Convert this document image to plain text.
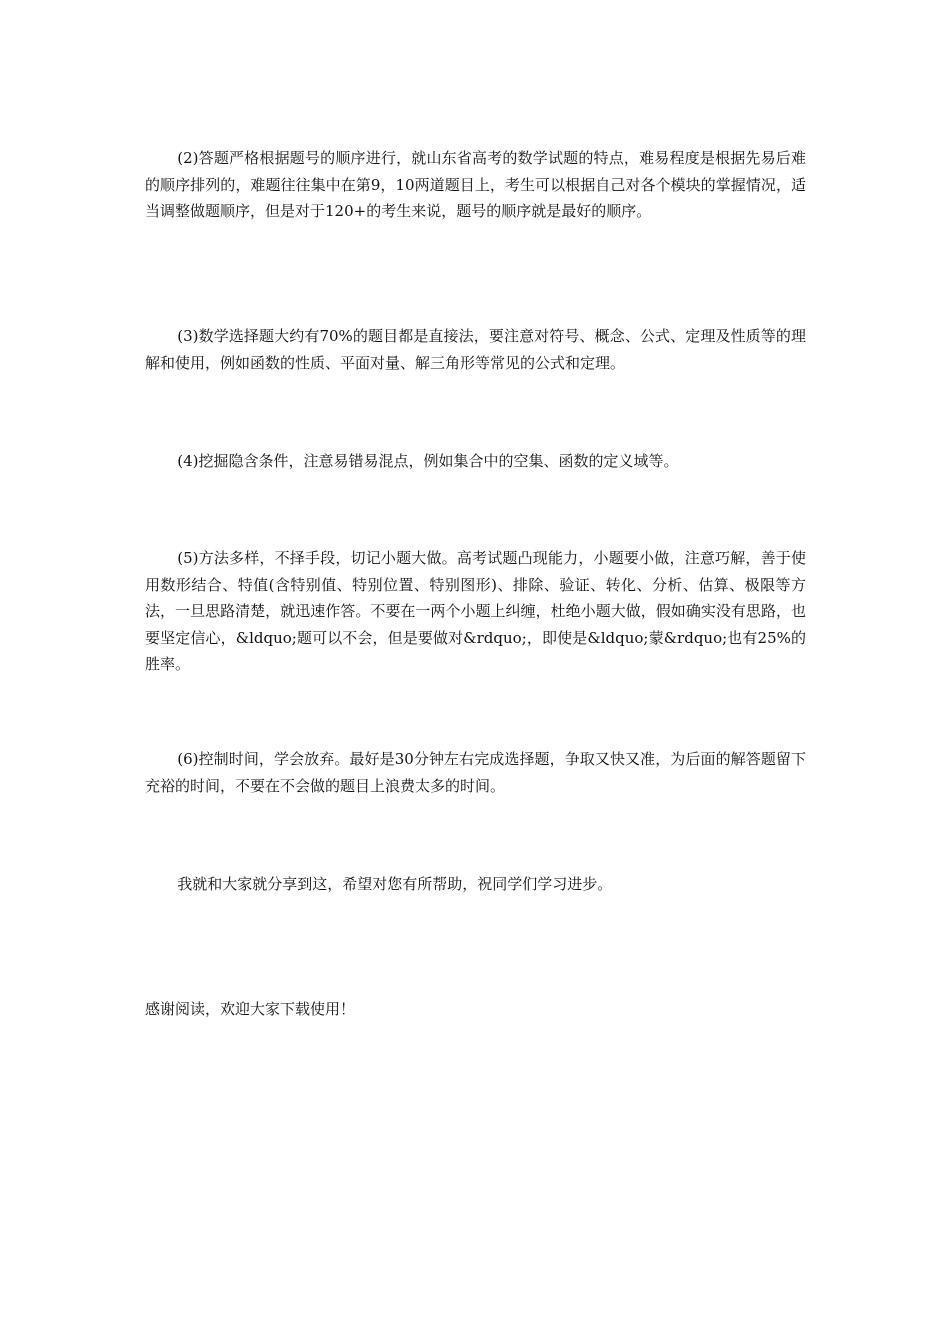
(2)答题严格根据题号的顺序进行，就山东省高考的数学试题的特点，难易程度是根据先易后难的顺序排列的，难题往往集中在第9，10两道题目上，考生可以根据自己对各个模块的掌握情况，适当调整做题顺序，但是对于120+的考生来说，题号的顺序就是最好的顺序。

(3)数学选择题大约有70%的题目都是直接法，要注意对符号、概念、公式、定理及性质等的理解和使用，例如函数的性质、平面对量、解三角形等常见的公式和定理。

(4)挖掘隐含条件，注意易错易混点，例如集合中的空集、函数的定义域等。

(5)方法多样，不择手段，切记小题大做。高考试题凸现能力，小题要小做，注意巧解，善于使用数形结合、特值(含特别值、特别位置、特别图形)、排除、验证、转化、分析、估算、极限等方法，一旦思路清楚，就迅速作答。不要在一两个小题上纠缠，杜绝小题大做，假如确实没有思路，也要坚定信心，&ldquo;题可以不会，但是要做对&rdquo;，即使是&ldquo;蒙&rdquo;也有25%的胜率。

(6)控制时间，学会放弃。最好是30分钟左右完成选择题，争取又快又准，为后面的解答题留下充裕的时间，不要在不会做的题目上浪费太多的时间。

我就和大家就分享到这，希望对您有所帮助，祝同学们学习进步。

感谢阅读，欢迎大家下载使用！
